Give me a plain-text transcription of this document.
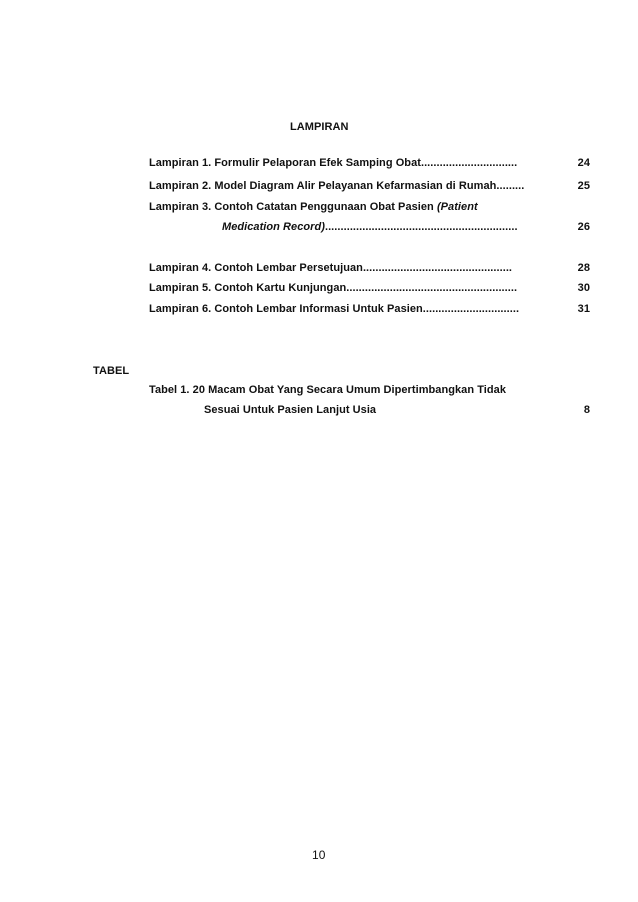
LAMPIRAN
Lampiran 1. Formulir Pelaporan Efek Samping Obat...............................	24
Lampiran 2. Model Diagram Alir Pelayanan Kefarmasian di Rumah.........	25
Lampiran 3. Contoh Catatan Penggunaan Obat Pasien (Patient
Medication Record)..............................................................	26
Lampiran 4. Contoh Lembar Persetujuan................................................	28
Lampiran 5. Contoh Kartu Kunjungan.......................................................	30
Lampiran 6. Contoh Lembar Informasi Untuk Pasien...............................	31
TABEL
Tabel 1. 20 Macam Obat Yang Secara Umum Dipertimbangkan Tidak
Sesuai Untuk Pasien Lanjut Usia	8
10
